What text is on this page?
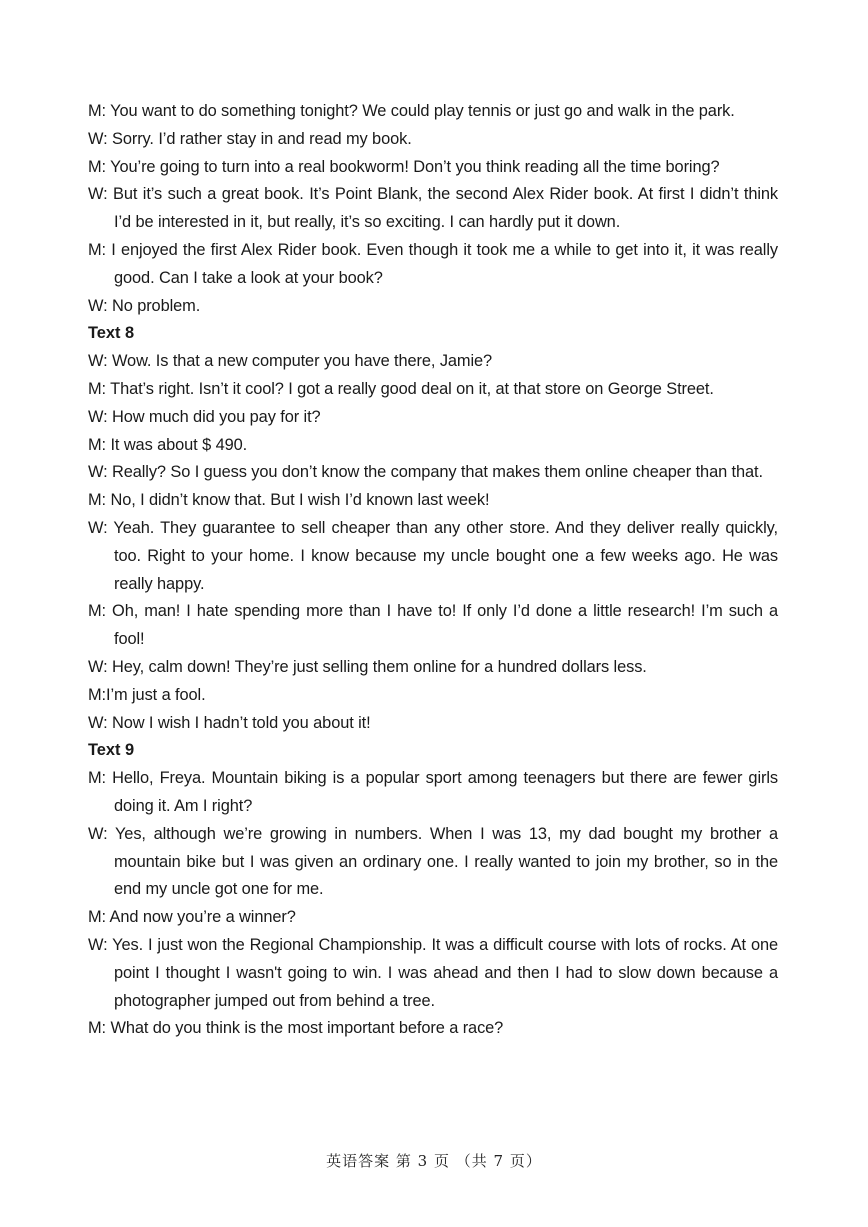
M: You want to do something tonight? We could play tennis or just go and walk in the park.

W: Sorry. I’d rather stay in and read my book.

M: You’re going to turn into a real bookworm! Don’t you think reading all the time boring?

W: But it’s such a great book. It’s Point Blank, the second Alex Rider book. At first I didn’t think I’d be interested in it, but really, it’s so exciting. I can hardly put it down.

M: I enjoyed the first Alex Rider book. Even though it took me a while to get into it, it was really good. Can I take a look at your book?

W: No problem.

Text 8

W: Wow. Is that a new computer you have there, Jamie?

M: That’s right. Isn’t it cool? I got a really good deal on it, at that store on George Street.

W: How much did you pay for it?

M: It was about $ 490.

W: Really? So I guess you don’t know the company that makes them online cheaper than that.

M: No, I didn’t know that. But I wish I’d known last week!

W: Yeah. They guarantee to sell cheaper than any other store. And they deliver really quickly, too. Right to your home. I know because my uncle bought one a few weeks ago. He was really happy.

M: Oh, man! I hate spending more than I have to! If only I’d done a little research! I’m such a fool!

W: Hey, calm down! They’re just selling them online for a hundred dollars less.

M:I’m just a fool.

W: Now I wish I hadn’t told you about it!

Text 9

M: Hello, Freya. Mountain biking is a popular sport among teenagers but there are fewer girls doing it. Am I right?

W: Yes, although we’re growing in numbers. When I was 13, my dad bought my brother a mountain bike but I was given an ordinary one. I really wanted to join my brother, so in the end my uncle got one for me.

M: And now you’re a winner?

W: Yes. I just won the Regional Championship. It was a difficult course with lots of rocks. At one point I thought I wasn't going to win. I was ahead and then I had to slow down because a photographer jumped out from behind a tree.

M: What do you think is the most important before a race?

英语答案 第 3 页 （共 7 页）
